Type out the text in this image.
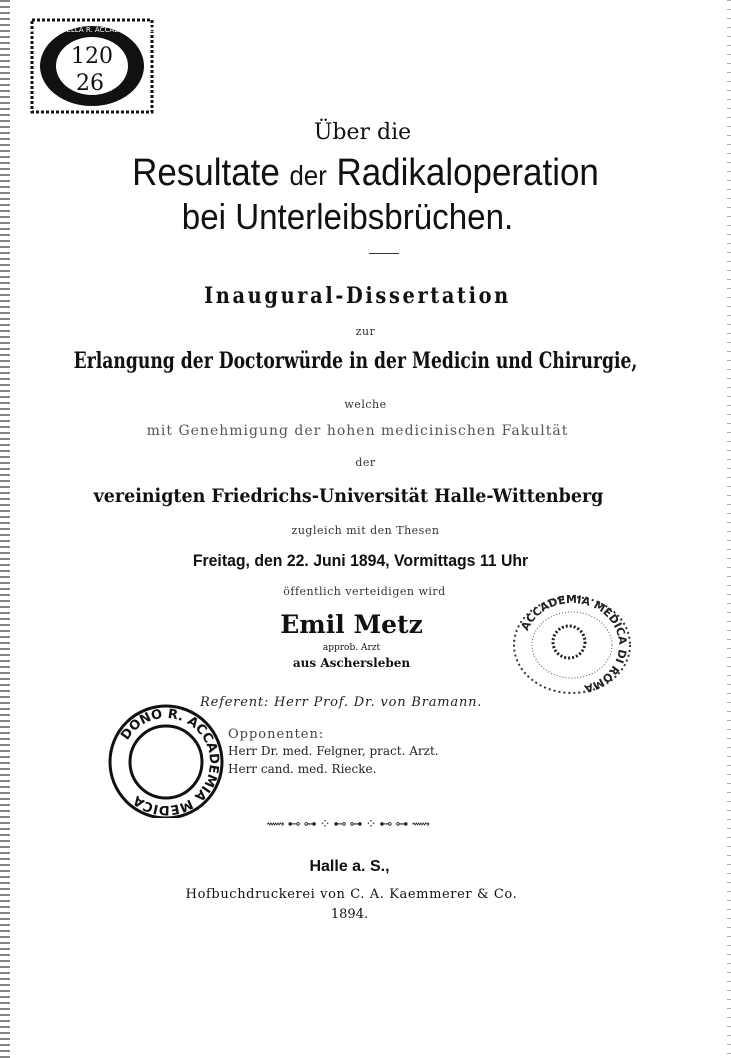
120
26
BIBLIOTECA DELLA R. ACCADEMIA MEDICA
Über die
Resultate der Radikaloperation
bei Unterleibsbrüchen.
Inaugural-Dissertation
zur
Erlangung der Doctorwürde in der Medicin und Chirurgie,
welche
mit Genehmigung der hohen medicinischen Fakultät
der
vereinigten Friedrichs-Universität Halle-Wittenberg
zugleich mit den Thesen
Freitag, den 22. Juni 1894, Vormittags 11 Uhr
öffentlich verteidigen wird
Emil Metz
approb. Arzt
aus Aschersleben
ACCADEMIA MEDICA DI ROMA
Referent: Herr Prof. Dr. von Bramann.
DONO R. ACCADEMIA MEDICA
Opponenten:
Herr Dr. med. Felgner, pract. Arzt.
Herr cand. med. Riecke.
⟿⊷⊶⁘⊷⊶⁘⊷⊶⟿
Halle a. S.,
Hofbuchdruckerei von C. A. Kaemmerer & Co.
1894.
